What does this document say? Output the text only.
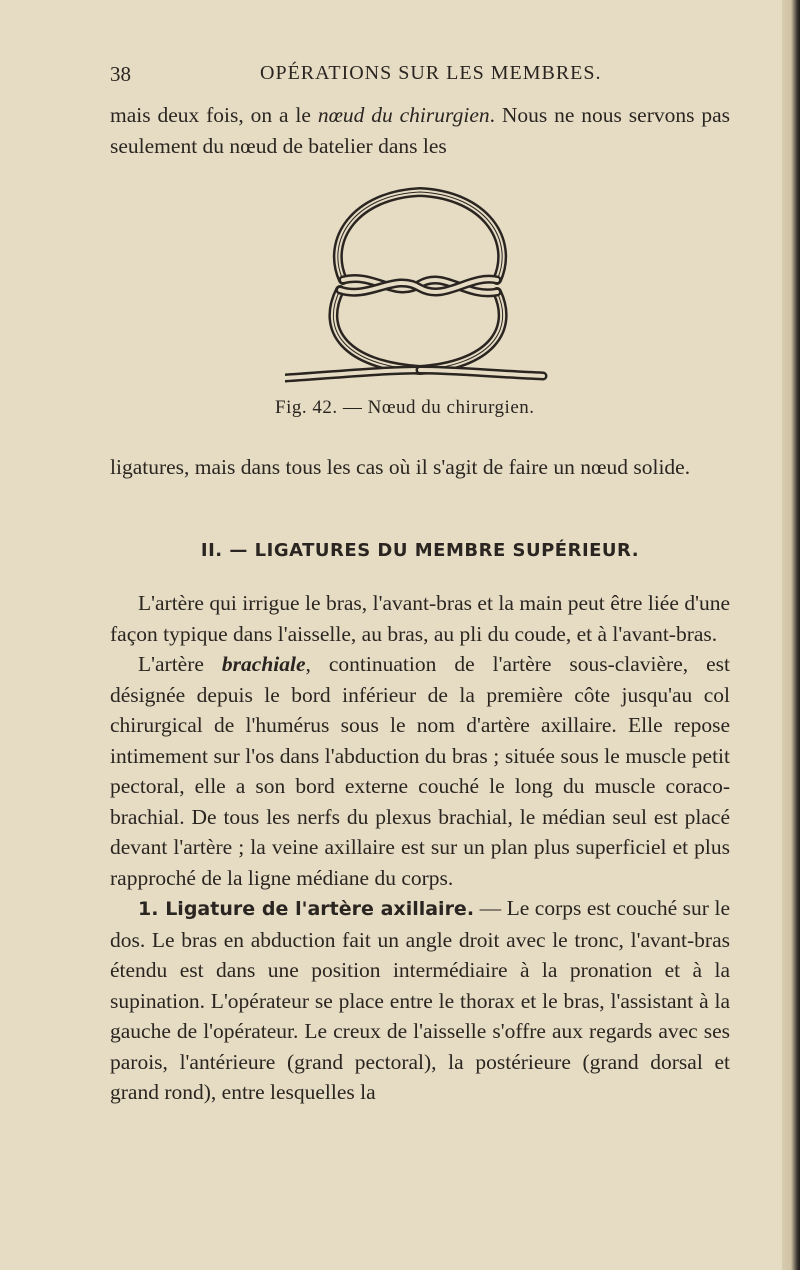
38	OPÉRATIONS SUR LES MEMBRES.

mais deux fois, on a le nœud du chirurgien. Nous ne nous servons pas seulement du nœud de batelier dans les

Fig. 42. — Nœud du chirurgien.

ligatures, mais dans tous les cas où il s'agit de faire un nœud solide.

II. — LIGATURES DU MEMBRE SUPÉRIEUR.

L'artère qui irrigue le bras, l'avant-bras et la main peut être liée d'une façon typique dans l'aisselle, au bras, au pli du coude, et à l'avant-bras.

L'artère brachiale, continuation de l'artère sous-clavière, est désignée depuis le bord inférieur de la première côte jusqu'au col chirurgical de l'humérus sous le nom d'artère axillaire. Elle repose intimement sur l'os dans l'abduction du bras ; située sous le muscle petit pectoral, elle a son bord externe couché le long du muscle coraco-brachial. De tous les nerfs du plexus brachial, le médian seul est placé devant l'artère ; la veine axillaire est sur un plan plus superficiel et plus rapproché de la ligne médiane du corps.

1. Ligature de l'artère axillaire. — Le corps est couché sur le dos. Le bras en abduction fait un angle droit avec le tronc, l'avant-bras étendu est dans une position intermédiaire à la pronation et à la supination. L'opérateur se place entre le thorax et le bras, l'assistant à la gauche de l'opérateur. Le creux de l'aisselle s'offre aux regards avec ses parois, l'antérieure (grand pectoral), la postérieure (grand dorsal et grand rond), entre lesquelles la
